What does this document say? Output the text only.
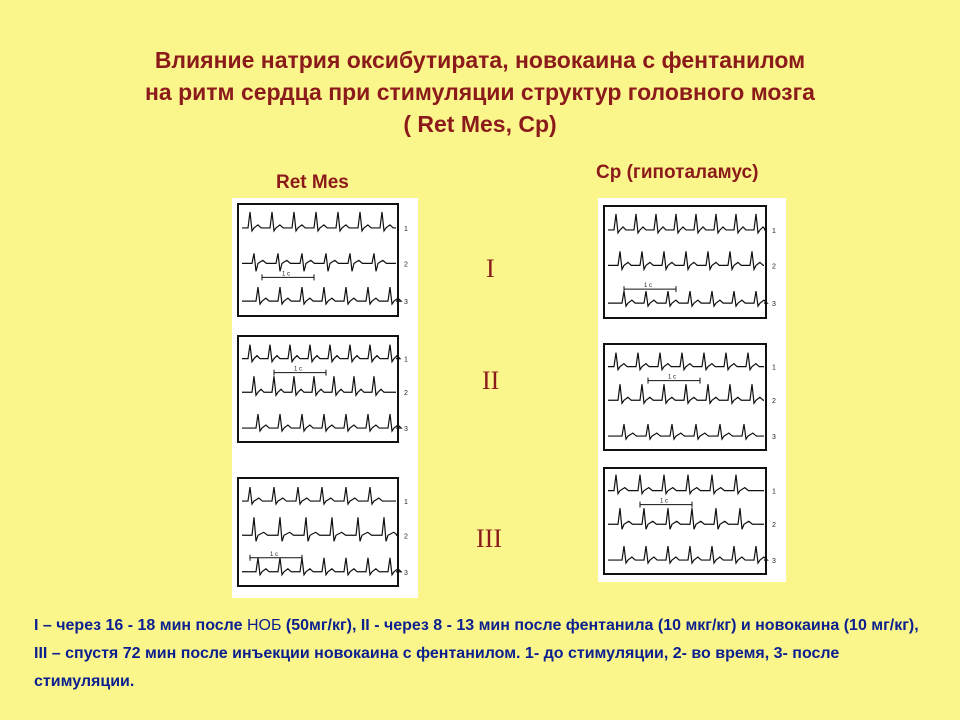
Влияние натрия оксибутирата, новокаина с фентанилом
на ритм сердца при стимуляции структур головного мозга
( Ret Mes, Cp)
Ret Mes	Cp (гипоталамус)
1
2
3
1 c
1
2
3
1 c
1
2
3
1 c
1
2
3
1 c
1
2
3
1 c
1
2
3
1 c
I
II
III
I – через 16 - 18 мин после НОБ (50мг/кг), II - через 8 - 13 мин после фентанила (10 мкг/кг) и новокаина (10 мг/кг), III – спустя 72 мин после инъекции новокаина с фентанилом. 1- до стимуляции, 2- во время, 3- после стимуляции.
